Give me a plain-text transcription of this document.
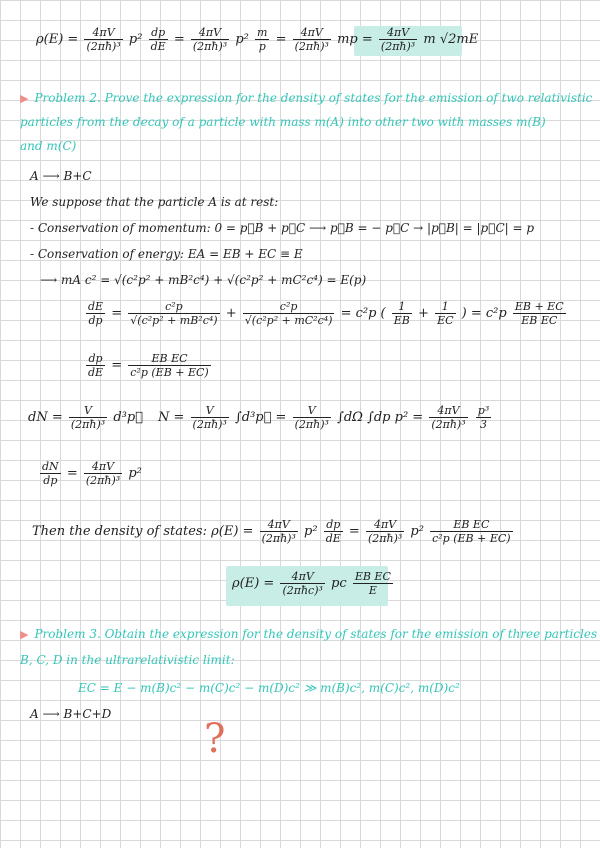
$\rho(E) = \frac{4\pi V}{\text{(2πħ)³}} p^2 \frac{dp}{dE} = \frac{4\pi V}{\text{(2πħ)³}} p^2 \frac{m}{p} = \frac{4\pi V}{\text{(2πħ)³}}$ mp = $\frac{4\pi V}{\text{(2πħ)³}}$ m √2mE
▶ Problem 2. Prove the expression for the density of states for the emission of two relativistic
particles from the decay of a particle with mass m(A) into other two with masses m(B)
and m(C)
A ⟶ B+C
We suppose that the particle A is at rest:
- Conservation of momentum: 0 = p⃗B + p⃗C ⟶ p⃗B = − p⃗C → |p⃗B| = |p⃗C| = p
- Conservation of energy: EA = EB + EC ≡ E
⟶ mA c² = √(c²p² + mB²c⁴) + √(c²p² + mC²c⁴) = E(p)
$\frac{dE}{dp} = \frac{\text{c²p}}{\text{√(c²p² + mB²c⁴)}} + \frac{\text{c²p}}{\text{√(c²p² + mC²c⁴)}} = c^2p$ ( $\frac{1}{EB} + \frac{1}{EC}$ ) = $c^2p \frac{EB + EC}{\text{EB EC}}$
$\frac{dp}{dE} = \frac{\text{EB EC}}{\text{c²p (EB + EC)}}$
dN = $\frac{V}{\text{(2πħ)³}}$ d³p⃗ $N = \frac{V}{\text{(2πħ)³}}$ ∫d³p⃗ = $\frac{V}{\text{(2πħ)³}} \int d\Omega$ ∫dp $p^2 = \frac{4\pi V}{\text{(2πħ)³}}$
$\frac{\text{p³}}{3}$
$\frac{dN}{dp} = \frac{4\pi V}{\text{(2πħ)³}} p^2$
Then the density of states: $\rho(E) = \frac{4\pi V}{\text{(2πħ)³}} p^2 \frac{dp}{dE} = \frac{4\pi V}{\text{(2πħ)³}} p^2 \frac{\text{EB EC}}{\text{c²p (EB + EC)}}$
$\rho(E) = \frac{4\pi V}{\text{(2πħc)³}}$ pc $\frac{\text{EB EC}}{E}$
▶ Problem 3. Obtain the expression for the density of states for the emission of three particles
B, C, D in the ultrarelativistic limit:
EC = E − m(B)c² − m(C)c² − m(D)c² ≫ m(B)c², m(C)c², m(D)c²
A ⟶ B+C+D
?
